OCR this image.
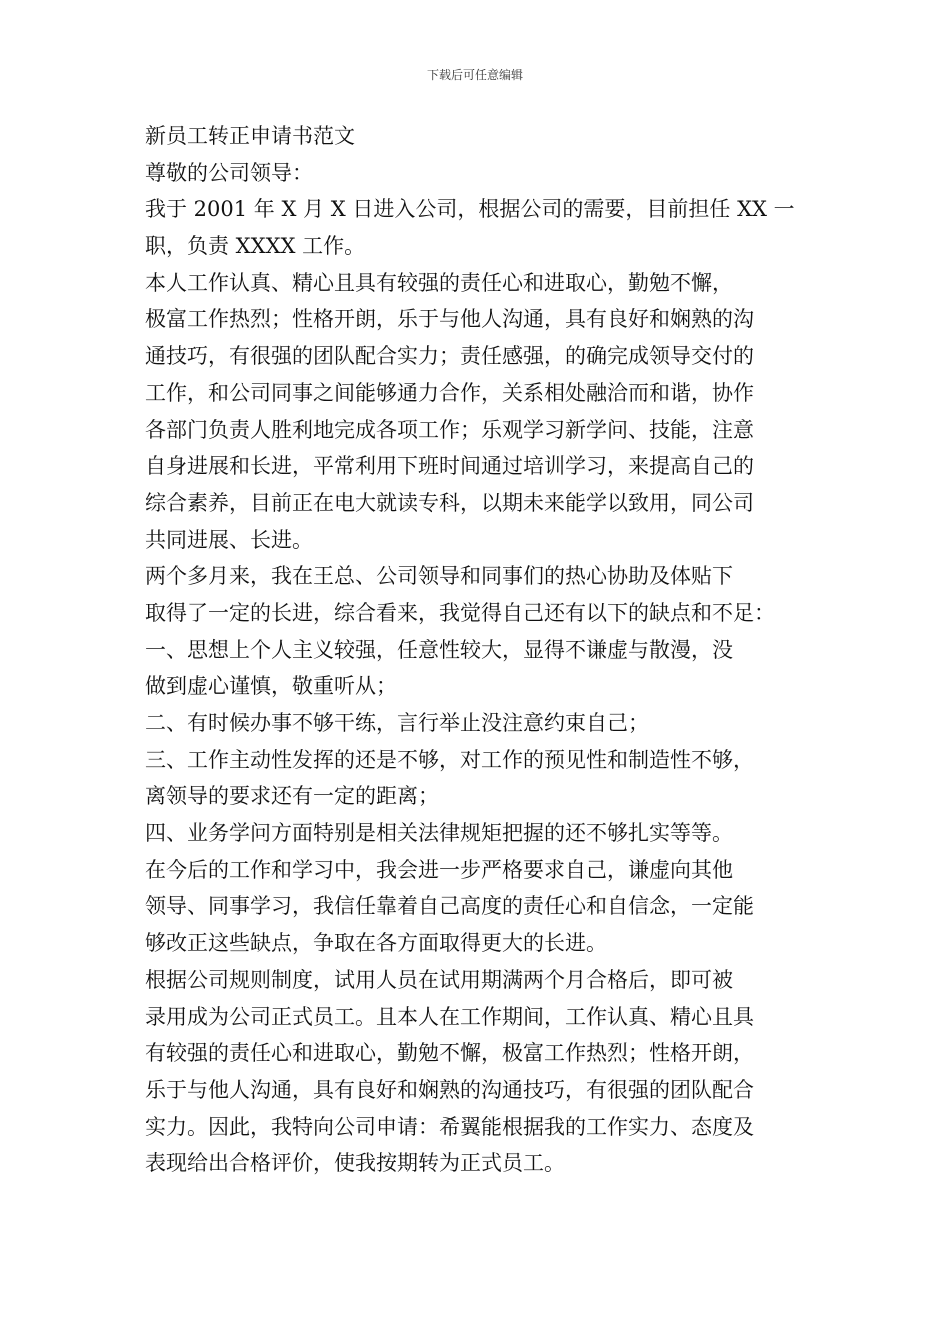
下载后可任意编辑
新员工转正申请书范文
尊敬的公司领导：
我于 2001 年 X 月 X 日进入公司，根据公司的需要，目前担任 XX 一
职，负责 XXXX 工作。
本人工作认真、精心且具有较强的责任心和进取心，勤勉不懈，
极富工作热烈；性格开朗，乐于与他人沟通，具有良好和娴熟的沟
通技巧，有很强的团队配合实力；责任感强，的确完成领导交付的
工作，和公司同事之间能够通力合作，关系相处融洽而和谐，协作
各部门负责人胜利地完成各项工作；乐观学习新学问、技能，注意
自身进展和长进，平常利用下班时间通过培训学习，来提高自己的
综合素养，目前正在电大就读专科，以期未来能学以致用，同公司
共同进展、长进。
两个多月来，我在王总、公司领导和同事们的热心协助及体贴下
取得了一定的长进，综合看来，我觉得自己还有以下的缺点和不足：
一、思想上个人主义较强，任意性较大，显得不谦虚与散漫，没
做到虚心谨慎，敬重听从；
二、有时候办事不够干练，言行举止没注意约束自己；
三、工作主动性发挥的还是不够，对工作的预见性和制造性不够，
离领导的要求还有一定的距离；
四、业务学问方面特别是相关法律规矩把握的还不够扎实等等。
在今后的工作和学习中，我会进一步严格要求自己，谦虚向其他
领导、同事学习，我信任靠着自己高度的责任心和自信念，一定能
够改正这些缺点，争取在各方面取得更大的长进。
根据公司规则制度，试用人员在试用期满两个月合格后，即可被
录用成为公司正式员工。且本人在工作期间，工作认真、精心且具
有较强的责任心和进取心，勤勉不懈，极富工作热烈；性格开朗，
乐于与他人沟通，具有良好和娴熟的沟通技巧，有很强的团队配合
实力。因此，我特向公司申请：希翼能根据我的工作实力、态度及
表现给出合格评价，使我按期转为正式员工。
